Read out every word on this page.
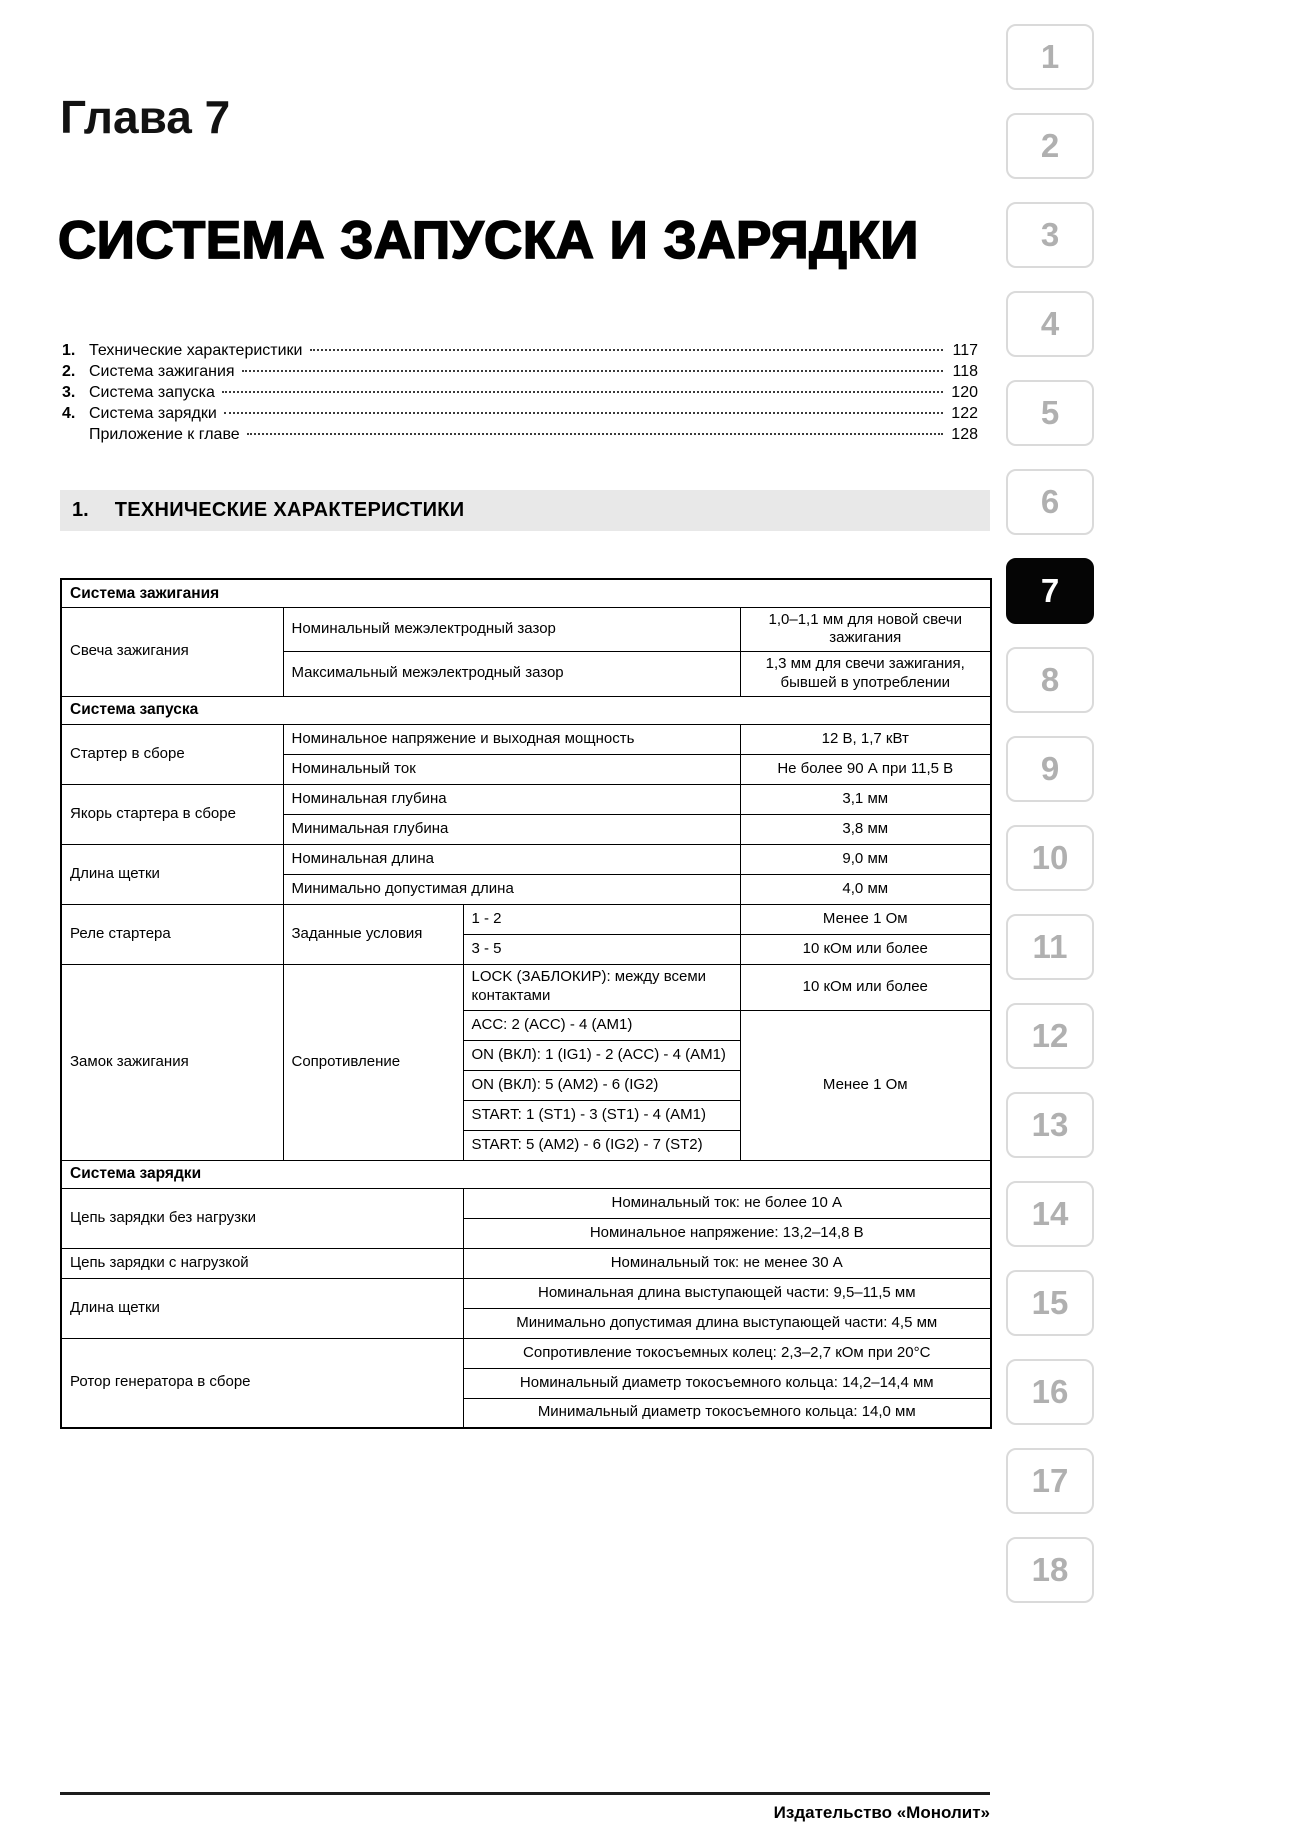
Глава 7
СИСТЕМА ЗАПУСКА И ЗАРЯДКИ
1. Технические характеристики	117
2. Система зажигания	118
3. Система запуска	120
4. Система зарядки	122
Приложение к главе	128
1. ТЕХНИЧЕСКИЕ ХАРАКТЕРИСТИКИ
Система зажигания			
Свеча зажигания	Номинальный межэлектродный зазор		1,0–1,1 мм для новой свечи зажигания
	Максимальный межэлектродный зазор		1,3 мм для свечи зажигания, бывшей в употреблении
Система запуска			
Стартер в сборе	Номинальное напряжение и выходная мощность		12 В, 1,7 кВт
	Номинальный ток		Не более 90 А при 11,5 В
Якорь стартера в сборе	Номинальная глубина		3,1 мм
	Минимальная глубина		3,8 мм
Длина щетки	Номинальная длина		9,0 мм
	Минимально допустимая длина		4,0 мм
Реле стартера	Заданные условия	1 - 2	Менее 1 Ом
		3 - 5	10 кОм или более
Замок зажигания	Сопротивление	LOCK (ЗАБЛОКИР): между всеми контактами	10 кОм или более
		ACC: 2 (ACC) - 4 (AM1)	Менее 1 Ом
		ON (ВКЛ): 1 (IG1) - 2 (ACC) - 4 (AM1)	
		ON (ВКЛ): 5 (AM2) - 6 (IG2)	
		START: 1 (ST1) - 3 (ST1) - 4 (AM1)	
		START: 5 (AM2) - 6 (IG2) - 7 (ST2)	
Система зарядки			
Цепь зарядки без нагрузки		Номинальный ток: не более 10 А	
		Номинальное напряжение: 13,2–14,8 В	
Цепь зарядки с нагрузкой		Номинальный ток: не менее 30 А	
Длина щетки		Номинальная длина выступающей части: 9,5–11,5 мм	
		Минимально допустимая длина выступающей части: 4,5 мм	
Ротор генератора в сборе		Сопротивление токосъемных колец: 2,3–2,7 кОм при 20°С	
		Номинальный диаметр токосъемного кольца: 14,2–14,4 мм	
		Минимальный диаметр токосъемного кольца: 14,0 мм	
1
2
3
4
5
6
7
8
9
10
11
12
13
14
15
16
17
18
Издательство «Монолит»
